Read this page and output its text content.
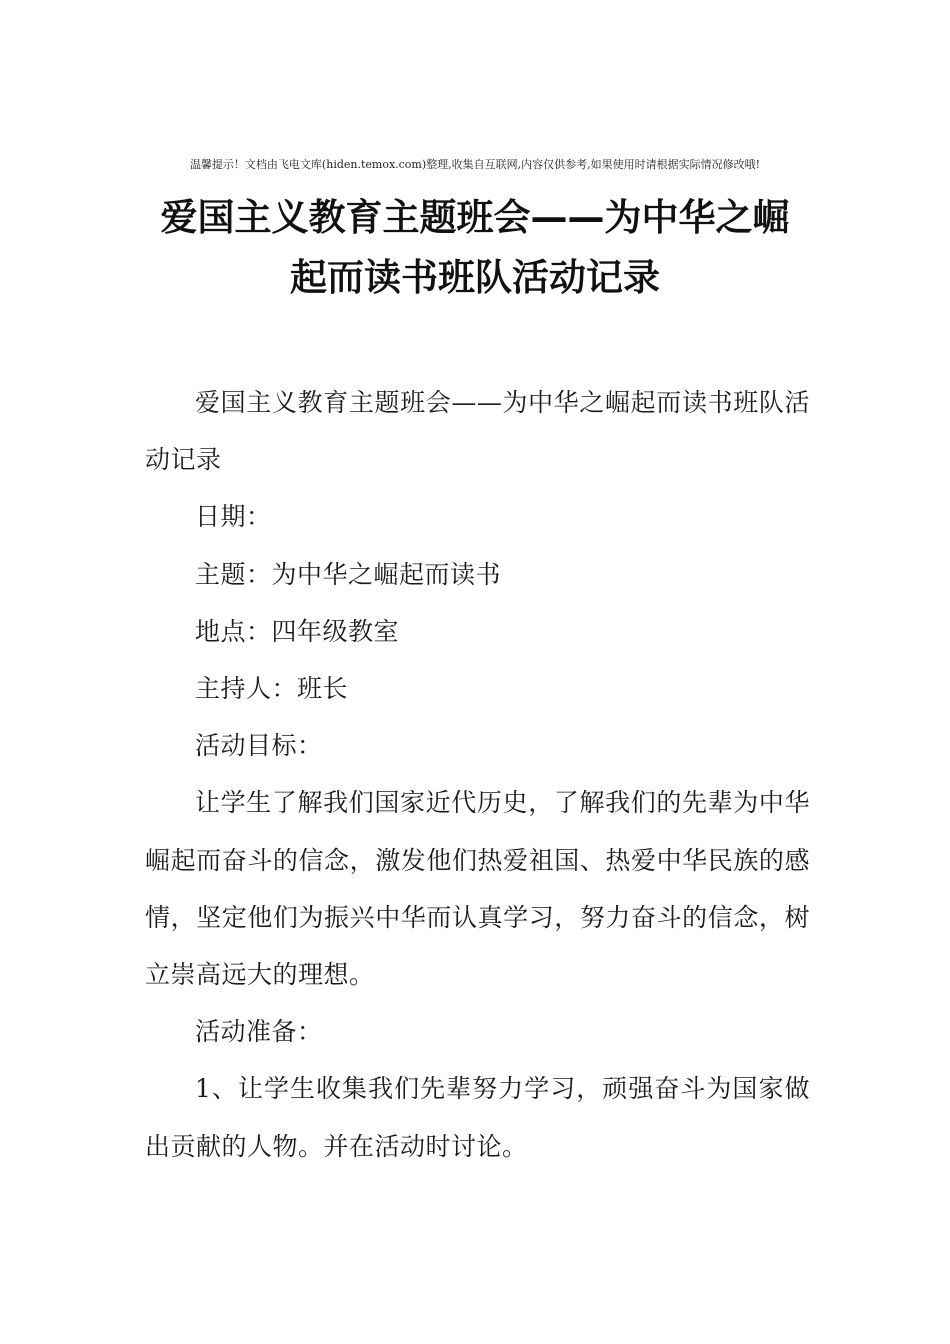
温馨提示！文档由飞电文库(hiden.temox.com)整理,收集自互联网,内容仅供参考,如果使用时请根据实际情况修改哦!
爱国主义教育主题班会——为中华之崛
起而读书班队活动记录

爱国主义教育主题班会——为中华之崛起而读书班队活动记录

日期：

主题：为中华之崛起而读书

地点：四年级教室

主持人：班长

活动目标：

让学生了解我们国家近代历史，了解我们的先辈为中华崛起而奋斗的信念，激发他们热爱祖国、热爱中华民族的感情，坚定他们为振兴中华而认真学习，努力奋斗的信念，树立崇高远大的理想。

活动准备：

1、让学生收集我们先辈努力学习，顽强奋斗为国家做出贡献的人物。并在活动时讨论。
